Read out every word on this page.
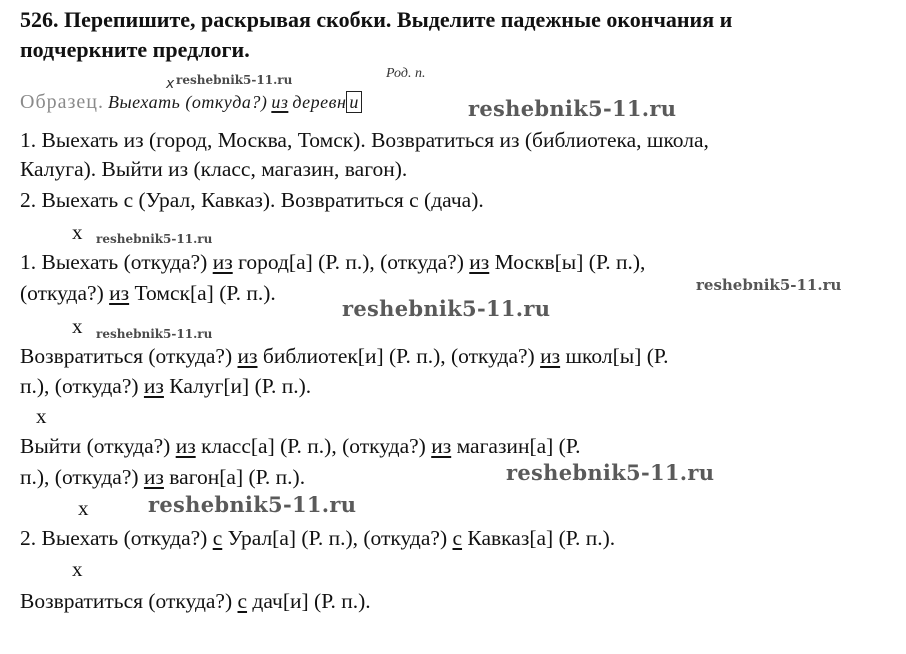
526. Перепишите, раскрывая скобки. Выделите падежные окончания и
подчеркните предлоги.
x reshebnik5-11.ru	Род. п.
Образец. Выехать (откуда?) из деревн и	reshebnik5-11.ru
1. Выехать из (город, Москва, Томск). Возвратиться из (библиотека, школа,
Калуга). Выйти из (класс, магазин, вагон).
2. Выехать с (Урал, Кавказ). Возвратиться с (дача).
x reshebnik5-11.ru
1. Выехать (откуда?) из город[а] (Р. п.), (откуда?) из Москв[ы] (Р. п.),
(откуда?) из Томск[а] (Р. п.).	reshebnik5-11.ru
reshebnik5-11.ru
x reshebnik5-11.ru
Возвратиться (откуда?) из библиотек[и] (Р. п.), (откуда?) из школ[ы] (Р.
п.), (откуда?) из Калуг[и] (Р. п.).
x
Выйти (откуда?) из класс[а] (Р. п.), (откуда?) из магазин[а] (Р.
п.), (откуда?) из вагон[а] (Р. п.).	reshebnik5-11.ru
x	reshebnik5-11.ru
2. Выехать (откуда?) с Урал[а] (Р. п.), (откуда?) с Кавказ[а] (Р. п.).
x
Возвратиться (откуда?) с дач[и] (Р. п.).
